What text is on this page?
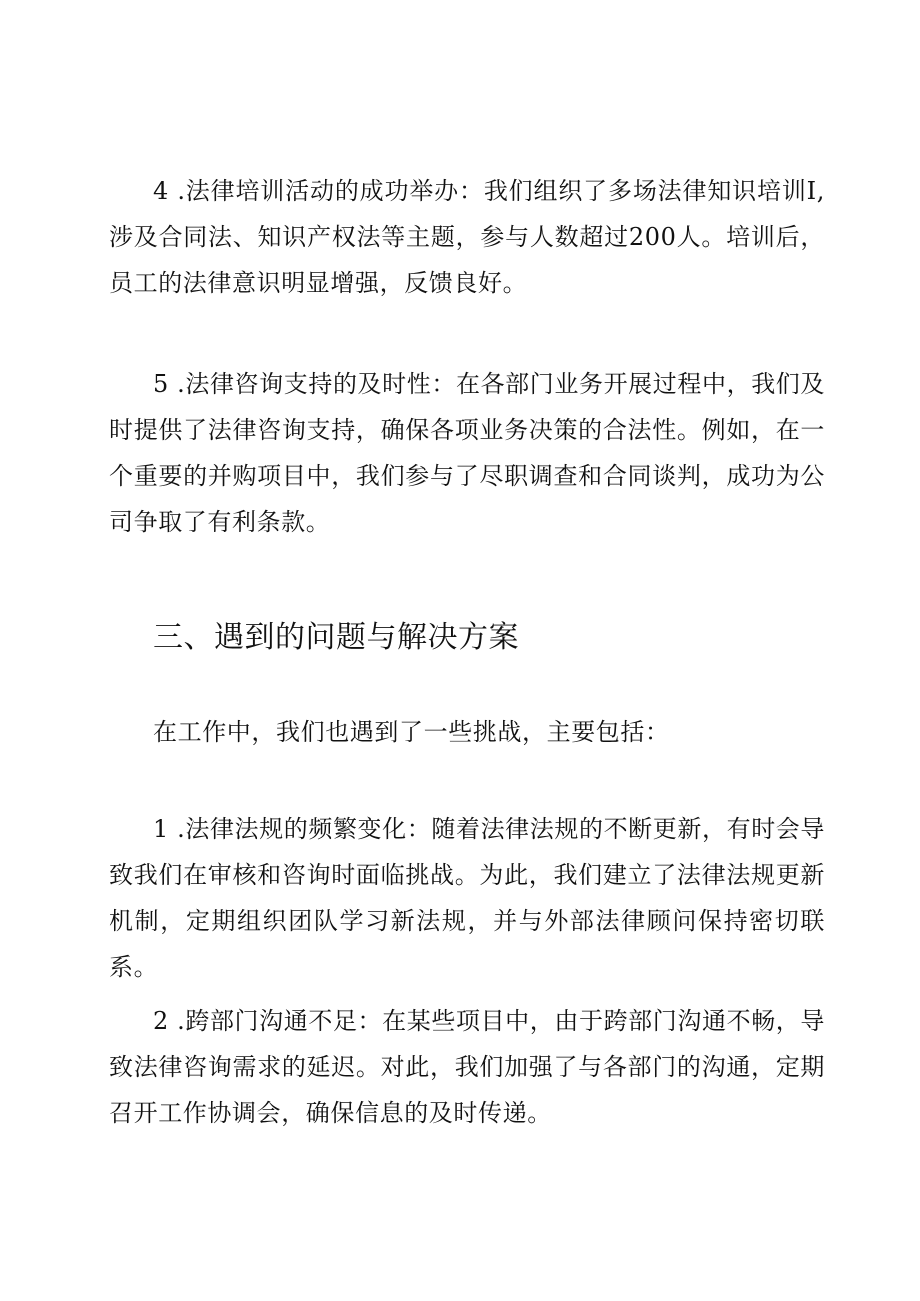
4 .法律培训活动的成功举办：我们组织了多场法律知识培训I,涉及合同法、知识产权法等主题，参与人数超过200人。培训后，员工的法律意识明显增强，反馈良好。

5 .法律咨询支持的及时性：在各部门业务开展过程中，我们及时提供了法律咨询支持，确保各项业务决策的合法性。例如，在一个重要的并购项目中，我们参与了尽职调查和合同谈判，成功为公司争取了有利条款。

三、遇到的问题与解决方案

在工作中，我们也遇到了一些挑战，主要包括：

1 .法律法规的频繁变化：随着法律法规的不断更新，有时会导致我们在审核和咨询时面临挑战。为此，我们建立了法律法规更新机制，定期组织团队学习新法规，并与外部法律顾问保持密切联系。

2 .跨部门沟通不足：在某些项目中，由于跨部门沟通不畅，导致法律咨询需求的延迟。对此，我们加强了与各部门的沟通，定期召开工作协调会，确保信息的及时传递。
